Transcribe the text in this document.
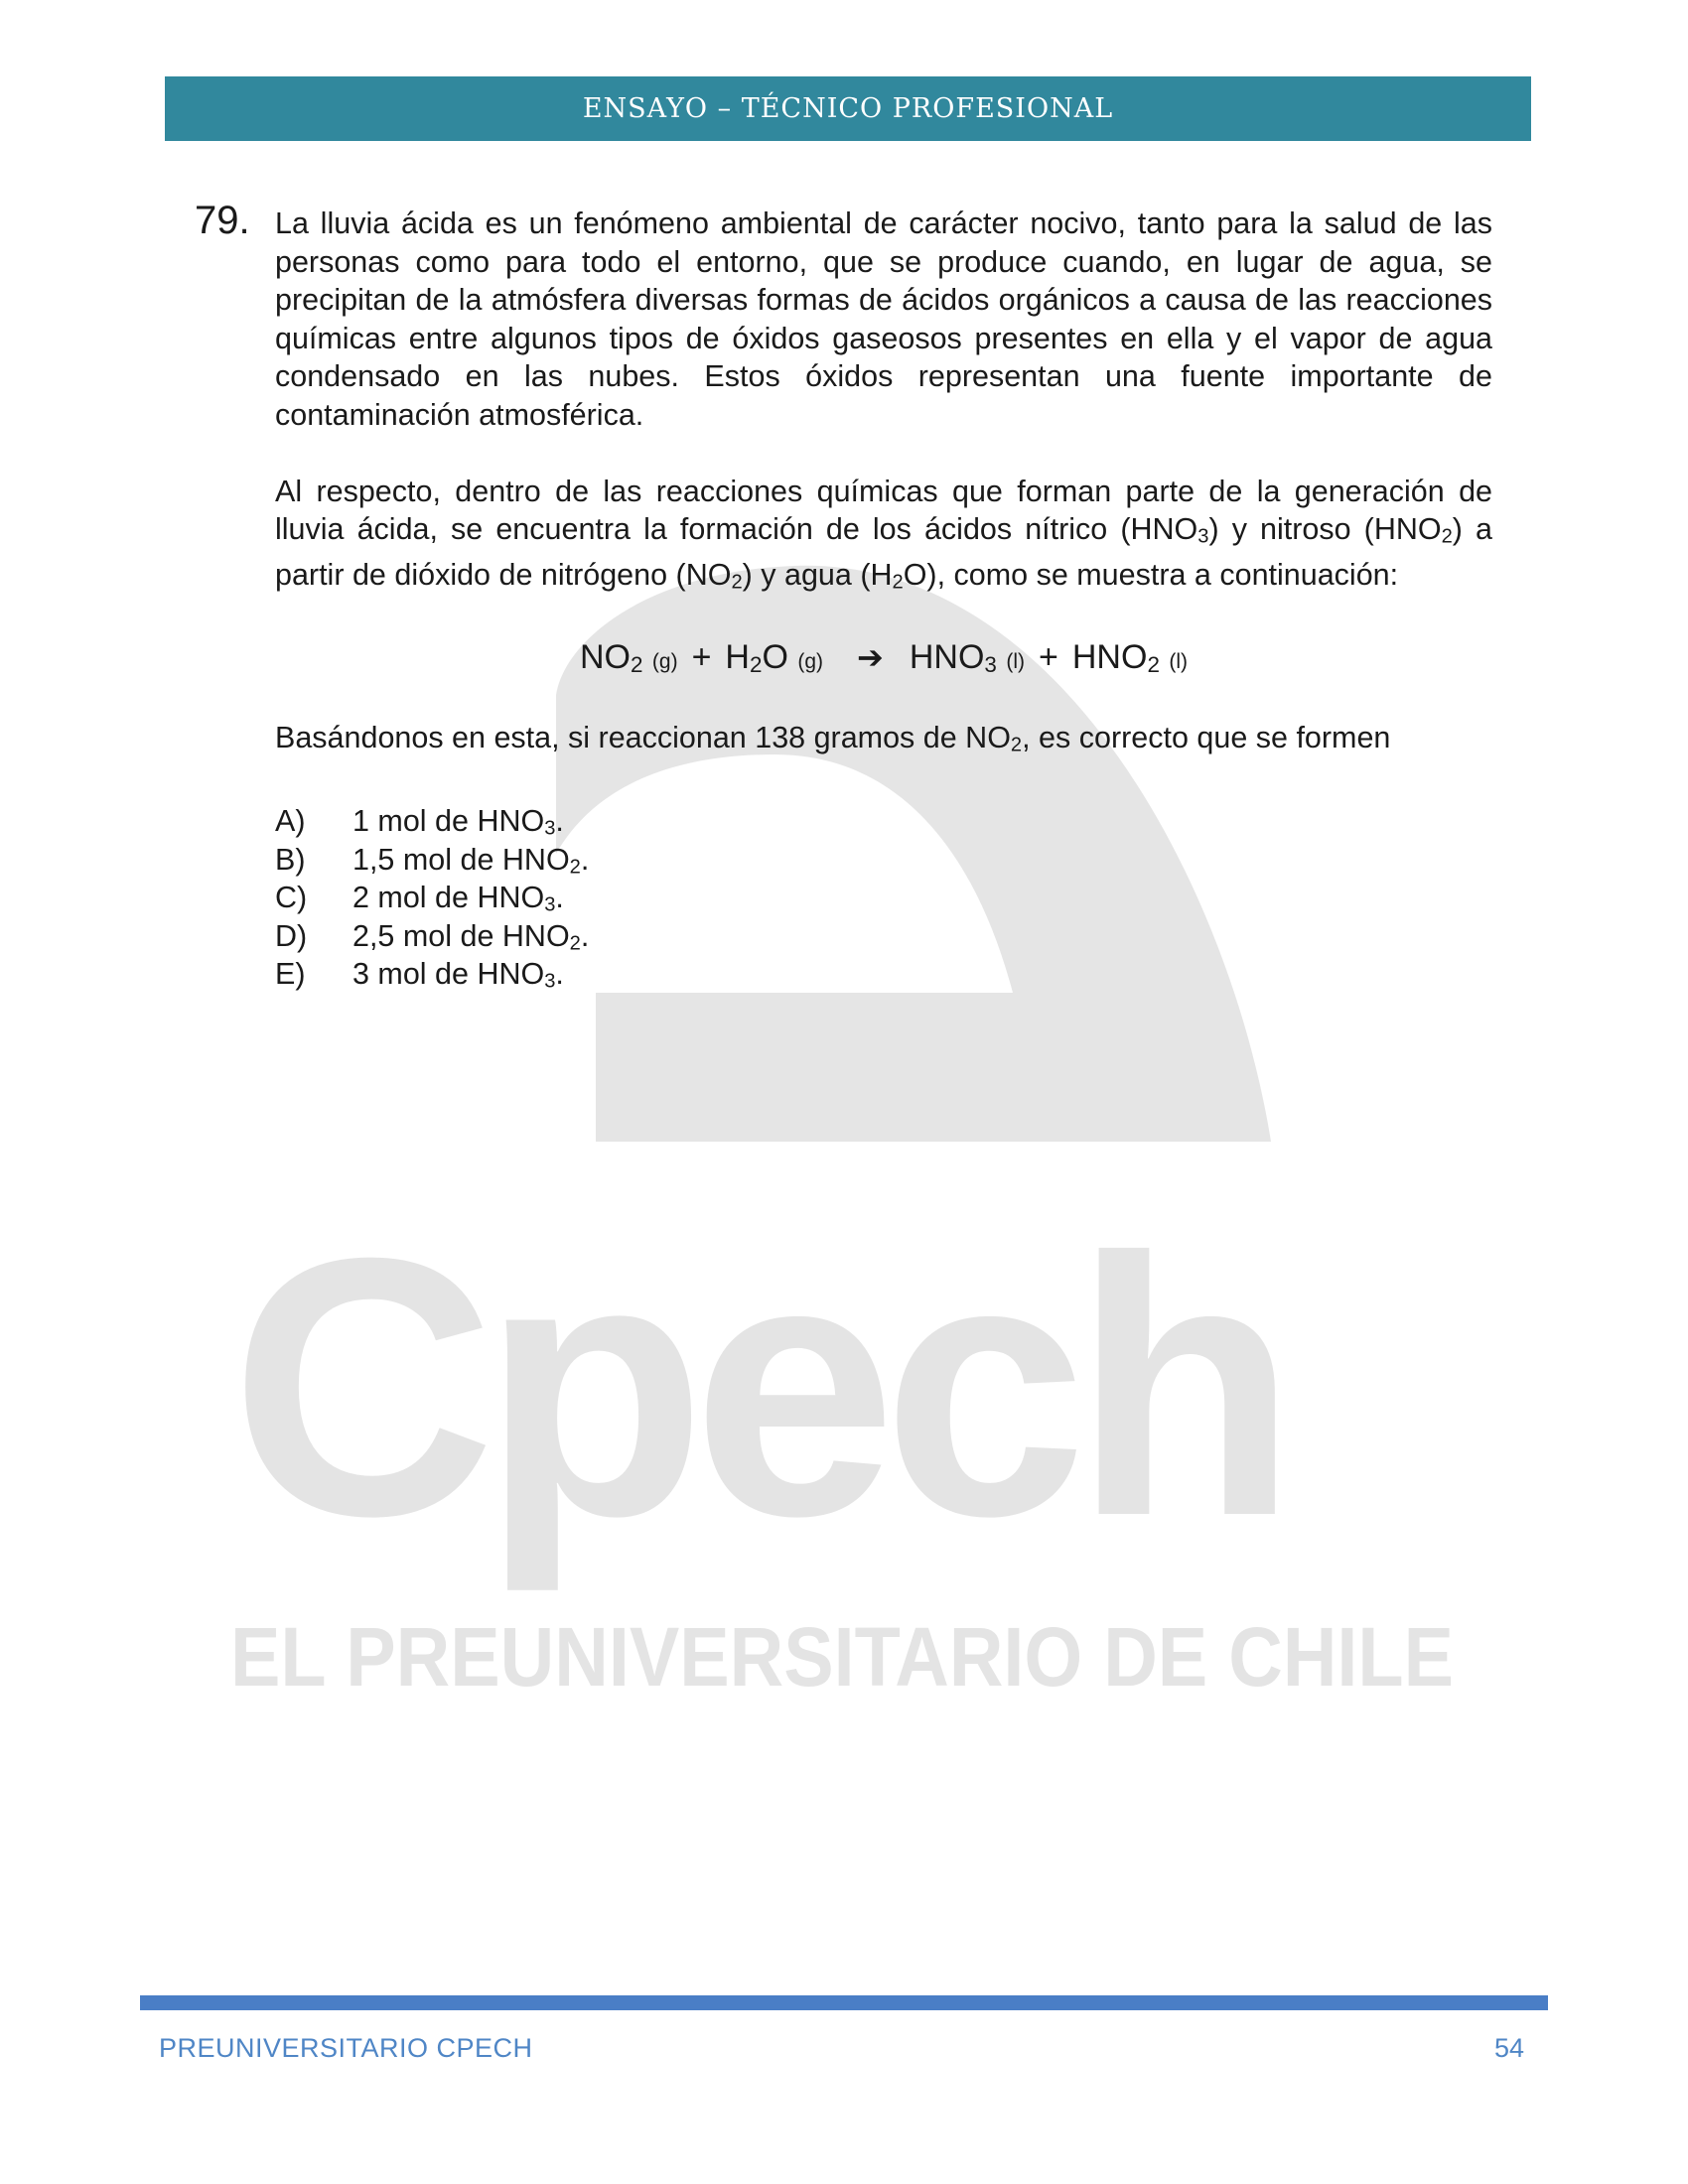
Cpech
EL PREUNIVERSITARIO DE CHILE
ENSAYO – TÉCNICO PROFESIONAL
79. La lluvia ácida es un fenómeno ambiental de carácter nocivo, tanto para la salud de las personas como para todo el entorno, que se produce cuando, en lugar de agua, se precipitan de la atmósfera diversas formas de ácidos orgánicos a causa de las reacciones químicas entre algunos tipos de óxidos gaseosos presentes en ella y el vapor de agua condensado en las nubes. Estos óxidos representan una fuente importante de contaminación atmosférica.

Al respecto, dentro de las reacciones químicas que forman parte de la generación de lluvia ácida, se encuentra la formación de los ácidos nítrico (HNO3) y nitroso (HNO2) a partir de dióxido de nitrógeno (NO2) y agua (H2O), como se muestra a continuación:

NO2 (g) + H2O (g) ➔ HNO3 (l) + HNO2 (l)

Basándonos en esta, si reaccionan 138 gramos de NO2, es correcto que se formen

A)	1 mol de HNO3.
B)	1,5 mol de HNO2.
C)	2 mol de HNO3.
D)	2,5 mol de HNO2.
E)	3 mol de HNO3.
PREUNIVERSITARIO CPECH	54
